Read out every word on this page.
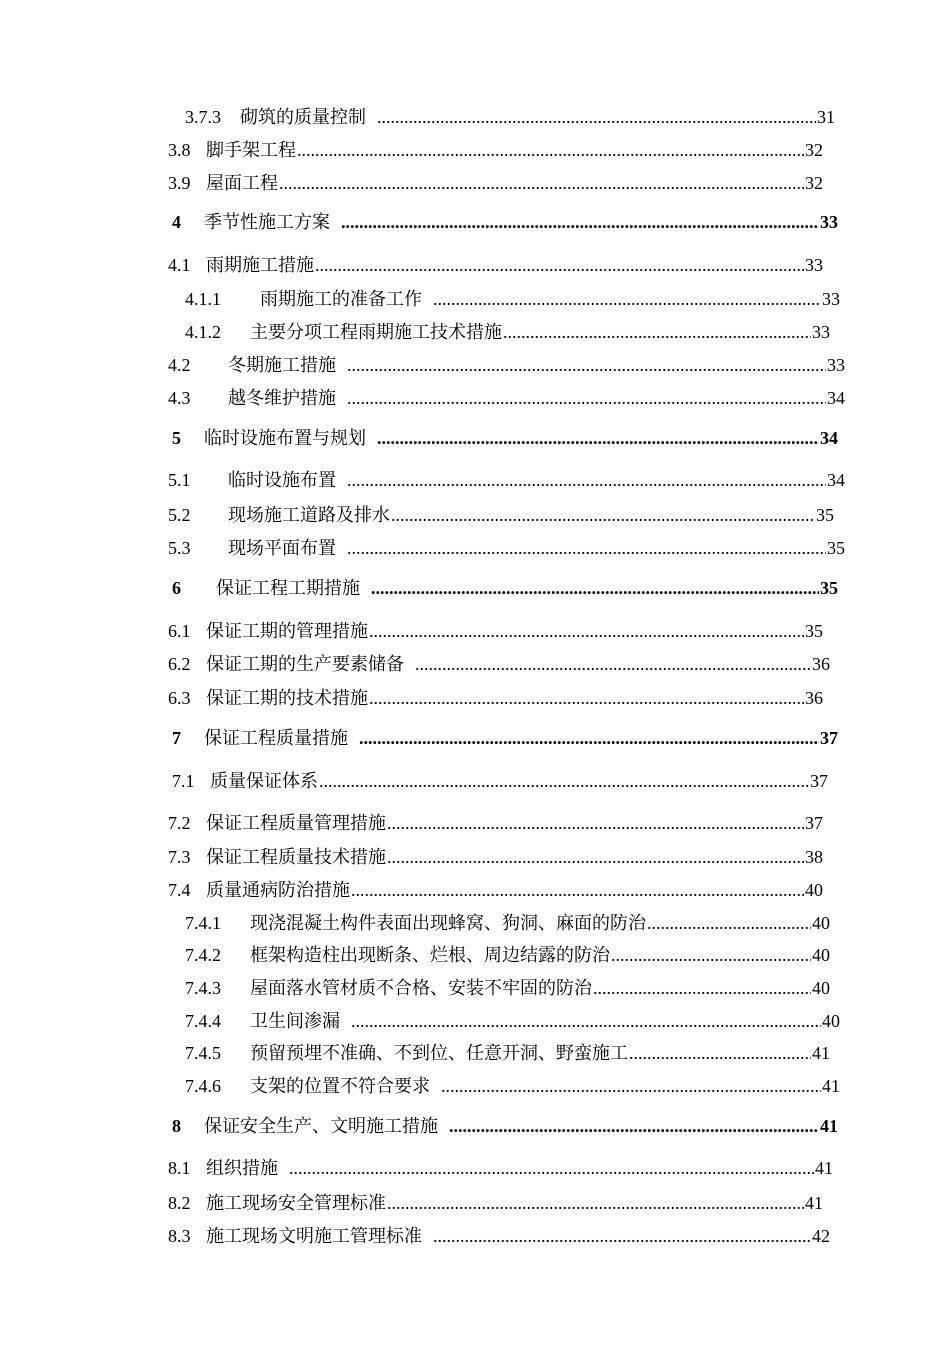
3.7.3	砌筑的质量控制 .....	31
3.8 脚手架工程 .....	32
3.9 屋面工程 .....	32
4	季节性施工方案 .....	33
4.1 雨期施工措施 .....	33
4.1.1	雨期施工的准备工作 .....	33
4.1.2	主要分项工程雨期施工技术措施 .....	33
4.2	冬期施工措施 .....	33
4.3	越冬维护措施 .....	34
5	临时设施布置与规划 .....	34
5.1	临时设施布置 .....	34
5.2	现场施工道路及排水 .....	35
5.3	现场平面布置 .....	35
6	保证工程工期措施 .....	35
6.1 保证工期的管理措施 .....	35
6.2 保证工期的生产要素储备 .....	36
6.3 保证工期的技术措施 .....	36
7	保证工程质量措施 .....	37
7.1 质量保证体系 .....	37
7.2 保证工程质量管理措施 .....	37
7.3 保证工程质量技术措施 .....	38
7.4 质量通病防治措施 .....	40
7.4.1	现浇混凝土构件表面出现蜂窝、狗洞、麻面的防治 .....	40
7.4.2	框架构造柱出现断条、烂根、周边结露的防治 .....	40
7.4.3	屋面落水管材质不合格、安装不牢固的防治 .....	40
7.4.4	卫生间渗漏 .....	40
7.4.5	预留预埋不准确、不到位、任意开洞、野蛮施工 .....	41
7.4.6	支架的位置不符合要求 .....	41
8	保证安全生产、文明施工措施 .....	41
8.1 组织措施 .....	41
8.2 施工现场安全管理标准 .....	41
8.3 施工现场文明施工管理标准 .....	42
